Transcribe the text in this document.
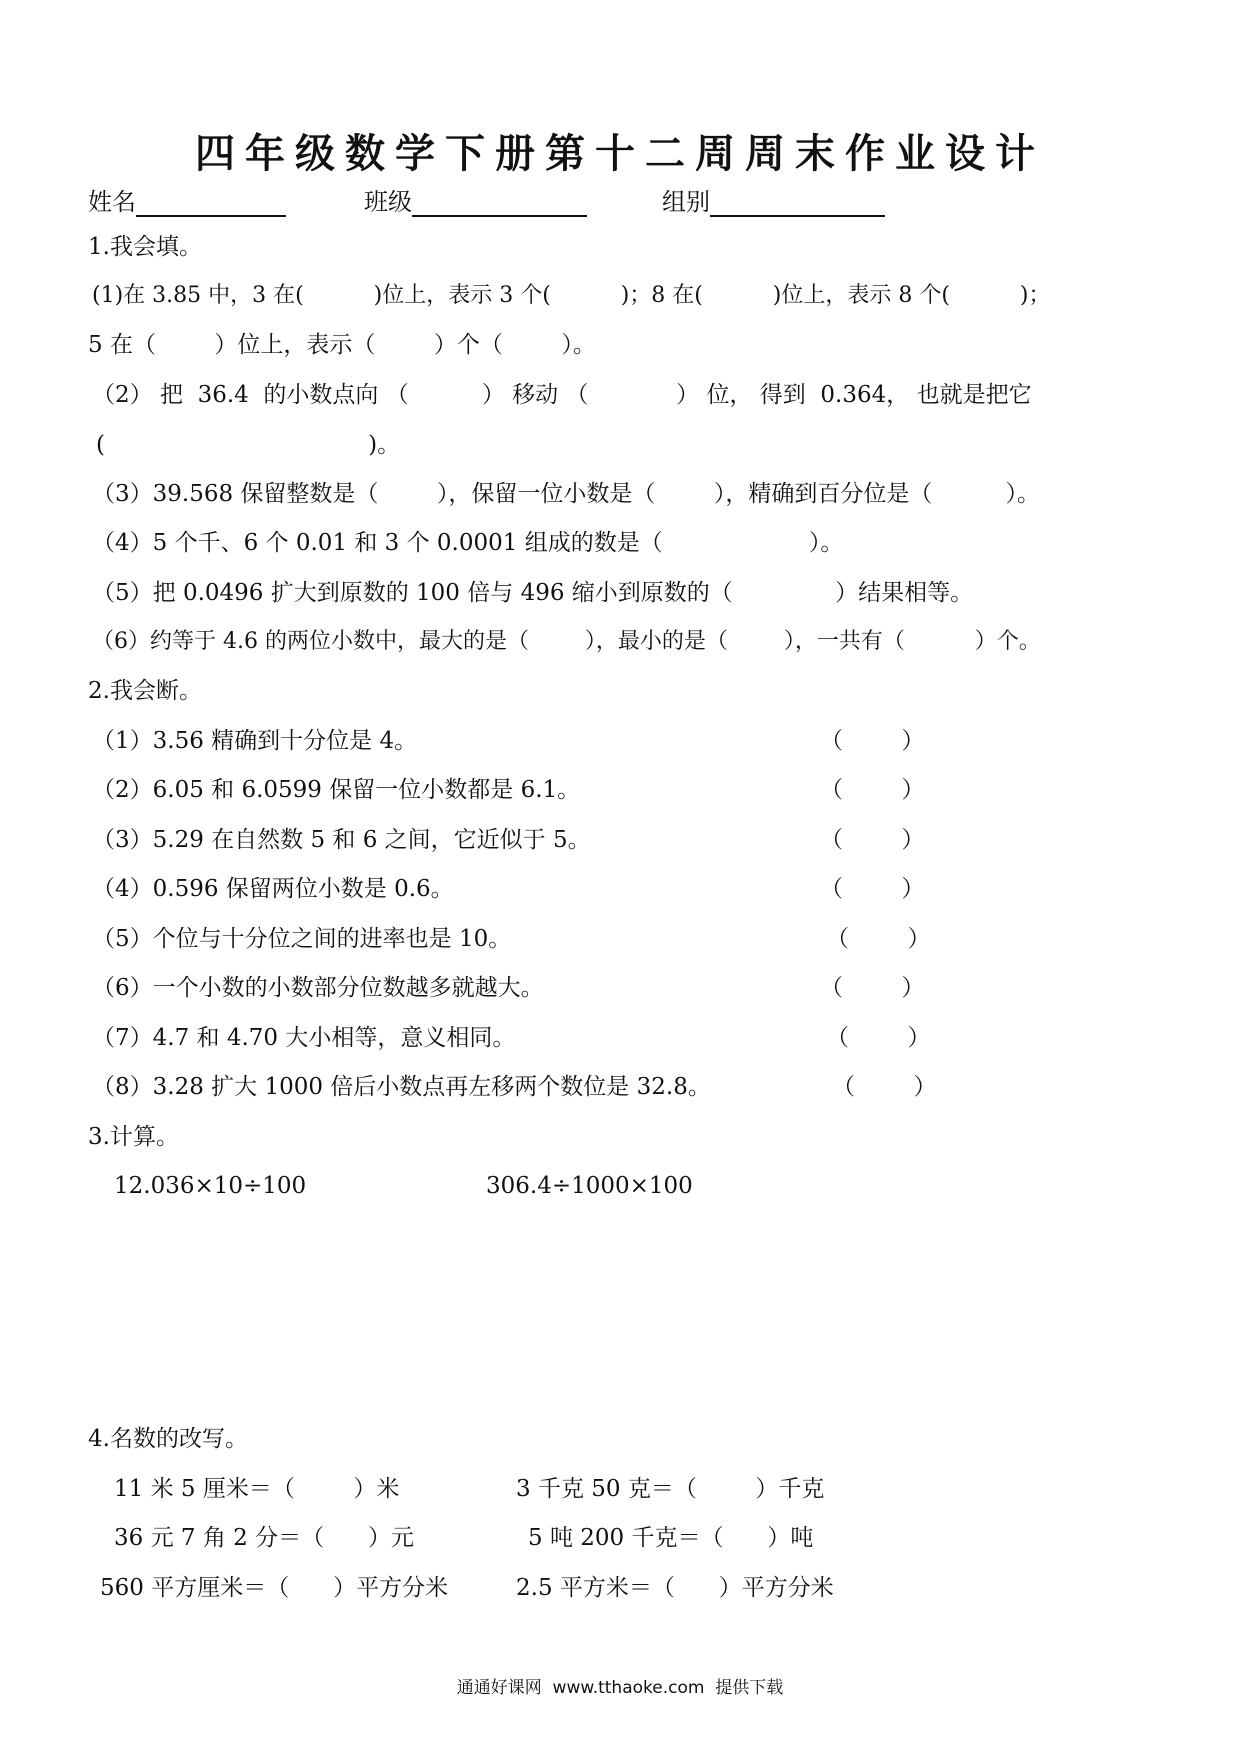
四年级数学下册第十二周周末作业设计
姓名	班级	组别
1.我会填。
(1)在 3.85 中，3 在(          )位上，表示 3 个(          )；8 在(          )位上，表示 8 个(          )；
5 在（        ）位上，表示（        ）个（        ）。
（2） 把  36.4  的小数点向 （          ） 移动 （            ） 位， 得到  0.364， 也就是把它
(                                    )。
（3）39.568 保留整数是（        ），保留一位小数是（        ），精确到百分位是（          ）。
（4）5 个千、6 个 0.01 和 3 个 0.0001 组成的数是（                    ）。
（5）把 0.0496 扩大到原数的 100 倍与 496 缩小到原数的（              ）结果相等。
（6）约等于 4.6 的两位小数中，最大的是（        ），最小的是（        ），一共有（          ）个。
2.我会断。
（1）3.56 精确到十分位是 4。	（        ）
（2）6.05 和 6.0599 保留一位小数都是 6.1。	（        ）
（3）5.29 在自然数 5 和 6 之间，它近似于 5。	（        ）
（4）0.596 保留两位小数是 0.6。	（        ）
（5）个位与十分位之间的进率也是 10。	（        ）
（6）一个小数的小数部分位数越多就越大。	（        ）
（7）4.7 和 4.70 大小相等，意义相同。	（        ）
（8）3.28 扩大 1000 倍后小数点再左移两个数位是 32.8。	（        ）
3.计算。
12.036×10÷100	306.4÷1000×100
4.名数的改写。
11 米 5 厘米＝（        ）米	3 千克 50 克＝（        ）千克
36 元 7 角 2 分＝（      ）元	5 吨 200 千克＝（      ）吨
560 平方厘米＝（      ）平方分米	2.5 平方米＝（      ）平方分米
通通好课网  www.tthaoke.com  提供下载
